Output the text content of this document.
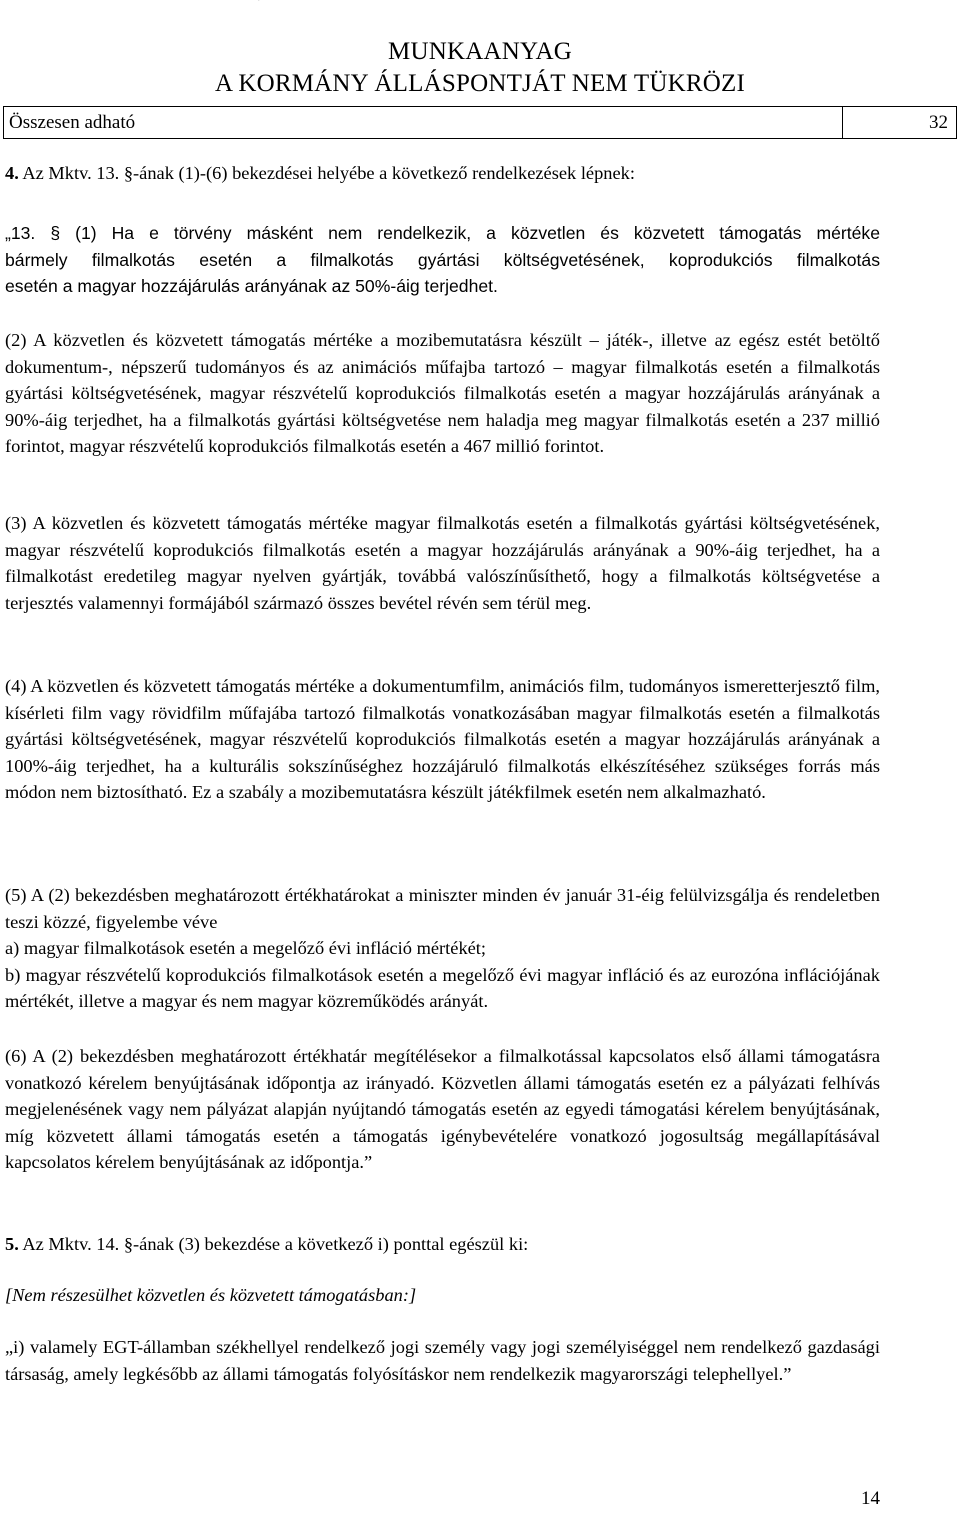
MUNKAANYAG
A KORMÁNY ÁLLÁSPONTJÁT NEM TÜKRÖZI
Összesen adható	32

4. Az Mktv. 13. §-ának (1)-(6) bekezdései helyébe a következő rendelkezések lépnek:

„13. § (1) Ha e törvény másként nem rendelkezik, a közvetlen és közvetett támogatás mértéke

bármely filmalkotás esetén a filmalkotás gyártási költségvetésének, koprodukciós filmalkotás

esetén a magyar hozzájárulás arányának az 50%-áig terjedhet.

(2) A közvetlen és közvetett támogatás mértéke a mozibemutatásra készült – játék-, illetve az egész estét betöltő dokumentum-, népszerű tudományos és az animációs műfajba tartozó – magyar filmalkotás esetén a filmalkotás gyártási költségvetésének, magyar részvételű koprodukciós filmalkotás esetén a magyar hozzájárulás arányának a 90%-áig terjedhet, ha a filmalkotás gyártási költségvetése nem haladja meg magyar filmalkotás esetén a 237 millió forintot, magyar részvételű koprodukciós filmalkotás esetén a 467 millió forintot.

(3) A közvetlen és közvetett támogatás mértéke magyar filmalkotás esetén a filmalkotás gyártási költségvetésének, magyar részvételű koprodukciós filmalkotás esetén a magyar hozzájárulás arányának a 90%-áig terjedhet, ha a filmalkotást eredetileg magyar nyelven gyártják, továbbá valószínűsíthető, hogy a filmalkotás költségvetése a terjesztés valamennyi formájából származó összes bevétel révén sem térül meg.

(4) A közvetlen és közvetett támogatás mértéke a dokumentumfilm, animációs film, tudományos ismeretterjesztő film, kísérleti film vagy rövidfilm műfajába tartozó filmalkotás vonatkozásában magyar filmalkotás esetén a filmalkotás gyártási költségvetésének, magyar részvételű koprodukciós filmalkotás esetén a magyar hozzájárulás arányának a 100%-áig terjedhet, ha a kulturális sokszínűséghez hozzájáruló filmalkotás elkészítéséhez szükséges forrás más módon nem biztosítható. Ez a szabály a mozibemutatásra készült játékfilmek esetén nem alkalmazható.

(5) A (2) bekezdésben meghatározott értékhatárokat a miniszter minden év január 31-éig felülvizsgálja és rendeletben teszi közzé, figyelembe véve

a) magyar filmalkotások esetén a megelőző évi infláció mértékét;

b) magyar részvételű koprodukciós filmalkotások esetén a megelőző évi magyar infláció és az eurozóna inflációjának mértékét, illetve a magyar és nem magyar közreműködés arányát.

(6) A (2) bekezdésben meghatározott értékhatár megítélésekor a filmalkotással kapcsolatos első állami támogatásra vonatkozó kérelem benyújtásának időpontja az irányadó. Közvetlen állami támogatás esetén ez a pályázati felhívás megjelenésének vagy nem pályázat alapján nyújtandó támogatás esetén az egyedi támogatási kérelem benyújtásának, míg közvetett állami támogatás esetén a támogatás igénybevételére vonatkozó jogosultság megállapításával kapcsolatos kérelem benyújtásának az időpontja.”

5. Az Mktv. 14. §-ának (3) bekezdése a következő i) ponttal egészül ki:

[Nem részesülhet közvetlen és közvetett támogatásban:]

„i) valamely EGT-államban székhellyel rendelkező jogi személy vagy jogi személyiséggel nem rendelkező gazdasági társaság, amely legkésőbb az állami támogatás folyósításkor nem rendelkezik magyarországi telephellyel.”

14
